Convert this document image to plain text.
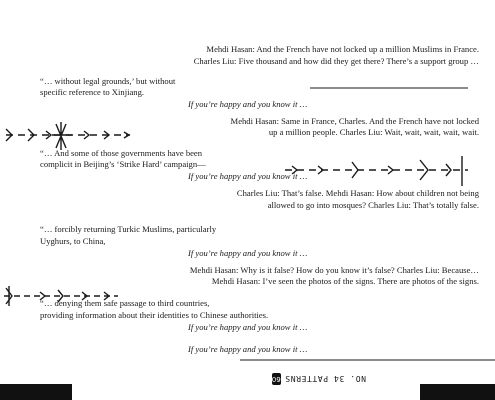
Mehdi Hasan: And the French have not locked up a million Muslims in France.
Charles Liu: Five thousand and how did they get there? There’s a support group …
“… without legal grounds,’ but without
specific reference to Xinjiang.
If you’re happy and you know it …
Mehdi Hasan: Same in France, Charles. And the French have not locked
up a million people. Charles Liu: Wait, wait, wait, wait, wait.
“… And some of those governments have been
complicit in Beijing’s ‘Strike Hard’ campaign—
If you’re happy and you know it …
Charles Liu: That’s false. Mehdi Hasan: How about children not being
allowed to go into mosques? Charles Liu: That’s totally false.
“… forcibly returning Turkic Muslims, particularly
Uyghurs, to China,
If you’re happy and you know it …
Mehdi Hasan: Why is it false? How do you know it’s false? Charles Liu: Because…
Mehdi Hasan: I’ve seen the photos of the signs. There are photos of the signs.
“… denying them safe passage to third countries,
providing information about their identities to Chinese authorities.
If you’re happy and you know it …
If you’re happy and you know it …
NO. 34 PATTERNS
60
